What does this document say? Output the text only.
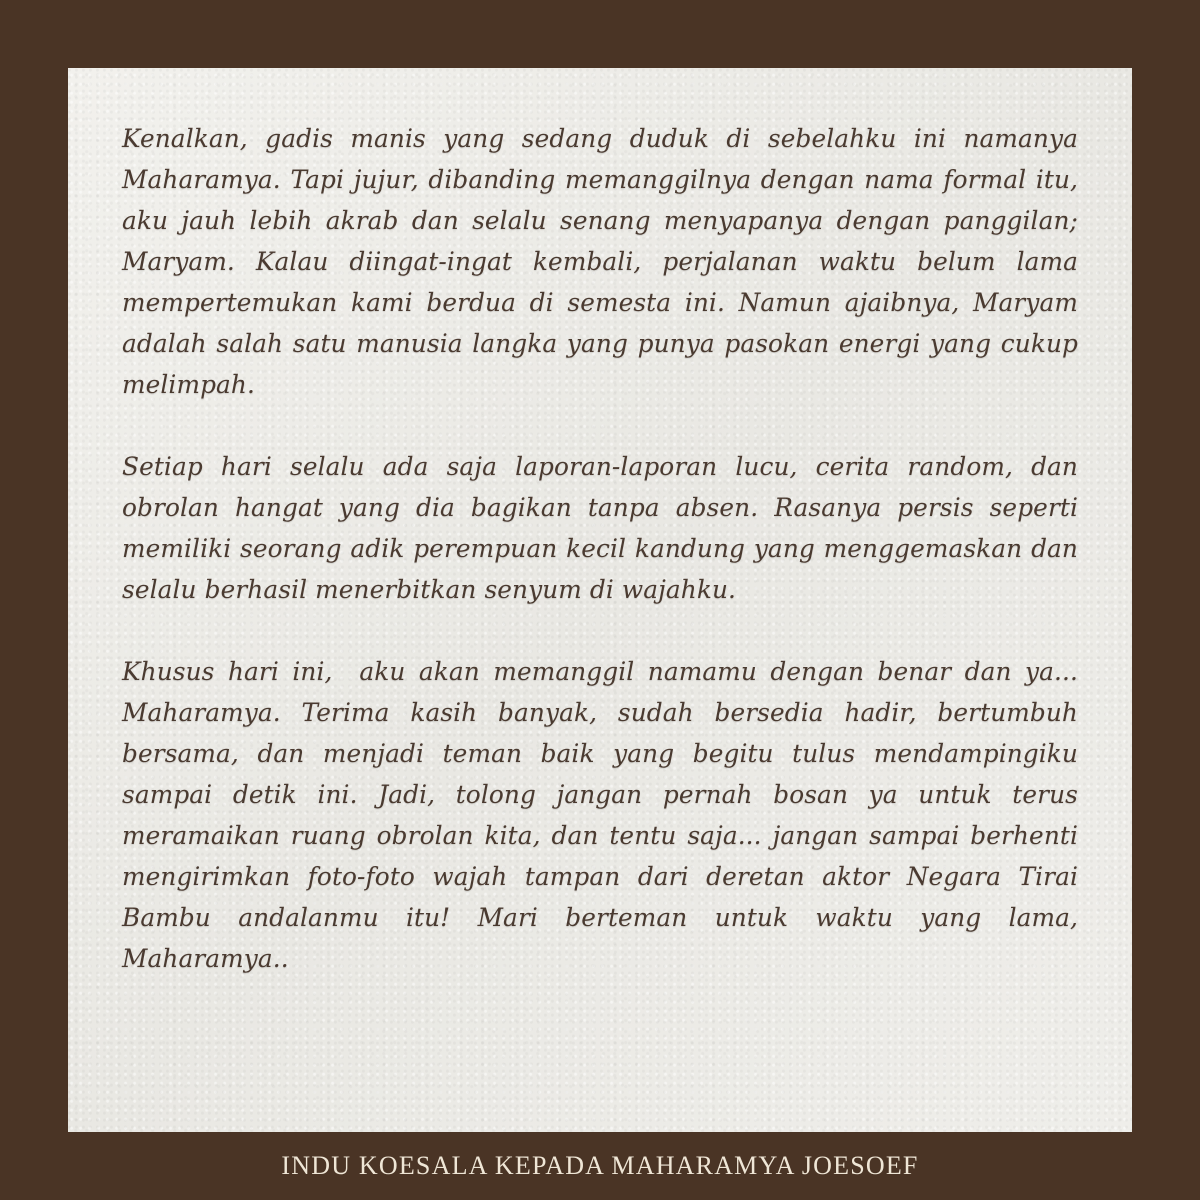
Kenalkan, gadis manis yang sedang duduk di sebelahku ini namanya Maharamya. Tapi jujur, dibanding memanggilnya dengan nama formal itu, aku jauh lebih akrab dan selalu senang menyapanya dengan panggilan; Maryam. Kalau diingat-ingat kembali, perjalanan waktu belum lama mempertemukan kami berdua di semesta ini. Namun ajaibnya, Maryam adalah salah satu manusia langka yang punya pasokan energi yang cukup melimpah.

Setiap hari selalu ada saja laporan-laporan lucu, cerita random, dan obrolan hangat yang dia bagikan tanpa absen. Rasanya persis seperti memiliki seorang adik perempuan kecil kandung yang menggemaskan dan selalu berhasil menerbitkan senyum di wajahku.

Khusus hari ini,  aku akan memanggil namamu dengan benar dan ya... Maharamya. Terima kasih banyak, sudah bersedia hadir, bertumbuh bersama, dan menjadi teman baik yang begitu tulus mendampingiku sampai detik ini. Jadi, tolong jangan pernah bosan ya untuk terus meramaikan ruang obrolan kita, dan tentu saja... jangan sampai berhenti mengirimkan foto-foto wajah tampan dari deretan aktor Negara Tirai Bambu andalanmu itu! Mari berteman untuk waktu yang lama, Maharamya..

INDU KOESALA KEPADA MAHARAMYA JOESOEF
